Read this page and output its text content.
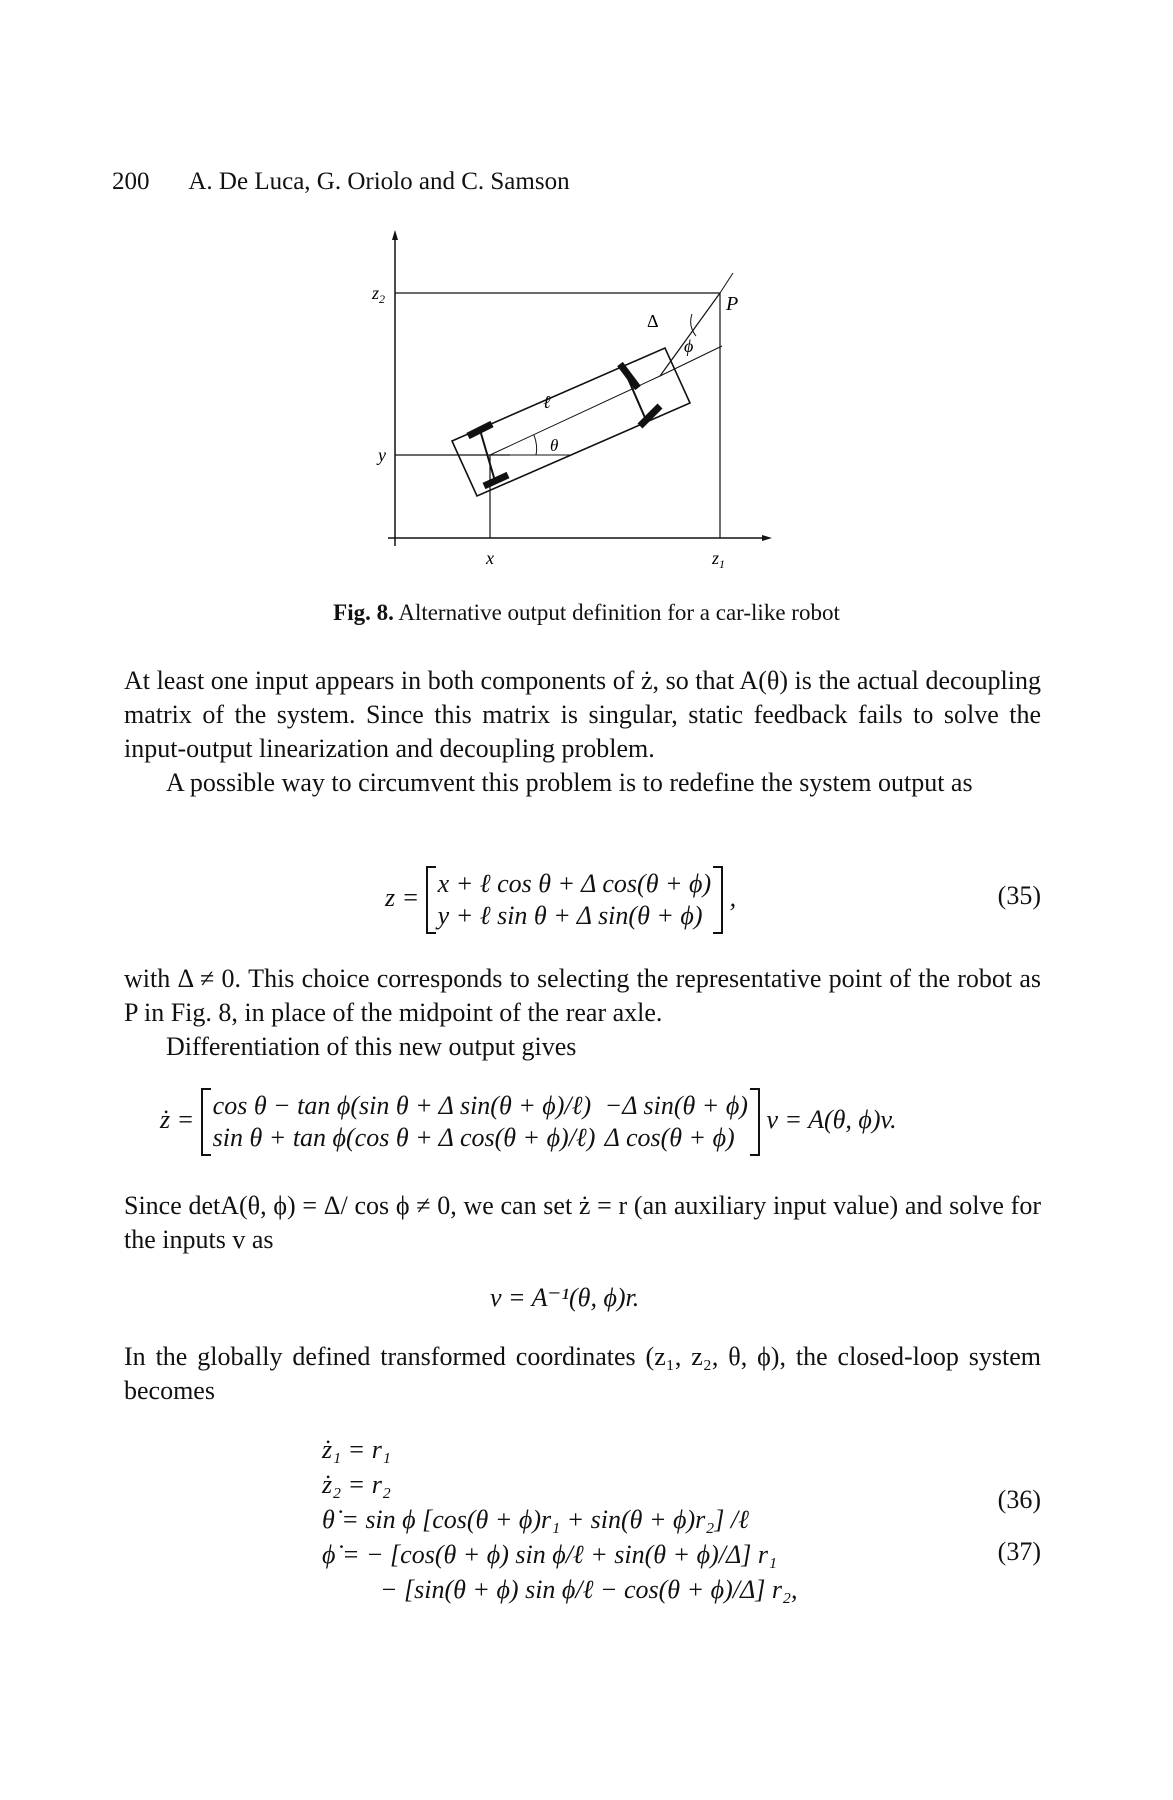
200 A. De Luca, G. Oriolo and C. Samson
$z_2$
y
x	$z_1$
P
Δ
ϕ
ℓ
θ
Fig. 8. Alternative output definition for a car-like robot

At least one input appears in both components of ż, so that A(θ) is the actual decoupling matrix of the system. Since this matrix is singular, static feedback fails to solve the input-output linearization and decoupling problem.

A possible way to circumvent this problem is to redefine the system output as

z = x + ℓ cos θ + Δ cos(θ + ϕ)
y + ℓ sin θ + Δ sin(θ + ϕ)
,	(35)

with Δ ≠ 0. This choice corresponds to selecting the representative point of the robot as P in Fig. 8, in place of the midpoint of the rear axle.

Differentiation of this new output gives

ż = cos θ − tan ϕ(sin θ + Δ sin(θ + ϕ)/ℓ) −Δ sin(θ + ϕ)
sin θ + tan ϕ(cos θ + Δ cos(θ + ϕ)/ℓ) Δ cos(θ + ϕ)
v = A(θ, ϕ)v.

Since detA(θ, ϕ) = Δ/ cos ϕ ≠ 0, we can set ż = r (an auxiliary input value) and solve for the inputs v as

v = A⁻¹(θ, ϕ)r.

In the globally defined transformed coordinates (z₁, z₂, θ, ϕ), the closed-loop system becomes

ż₁ = r₁
ż₂ = r₂
θ̇ = sin ϕ [cos(θ + ϕ)r₁ + sin(θ + ϕ)r₂] /ℓ
ϕ̇ = − [cos(θ + ϕ) sin ϕ/ℓ + sin(θ + ϕ)/Δ] r₁
− [sin(θ + ϕ) sin ϕ/ℓ − cos(θ + ϕ)/Δ] r₂,
(36)
(37)
